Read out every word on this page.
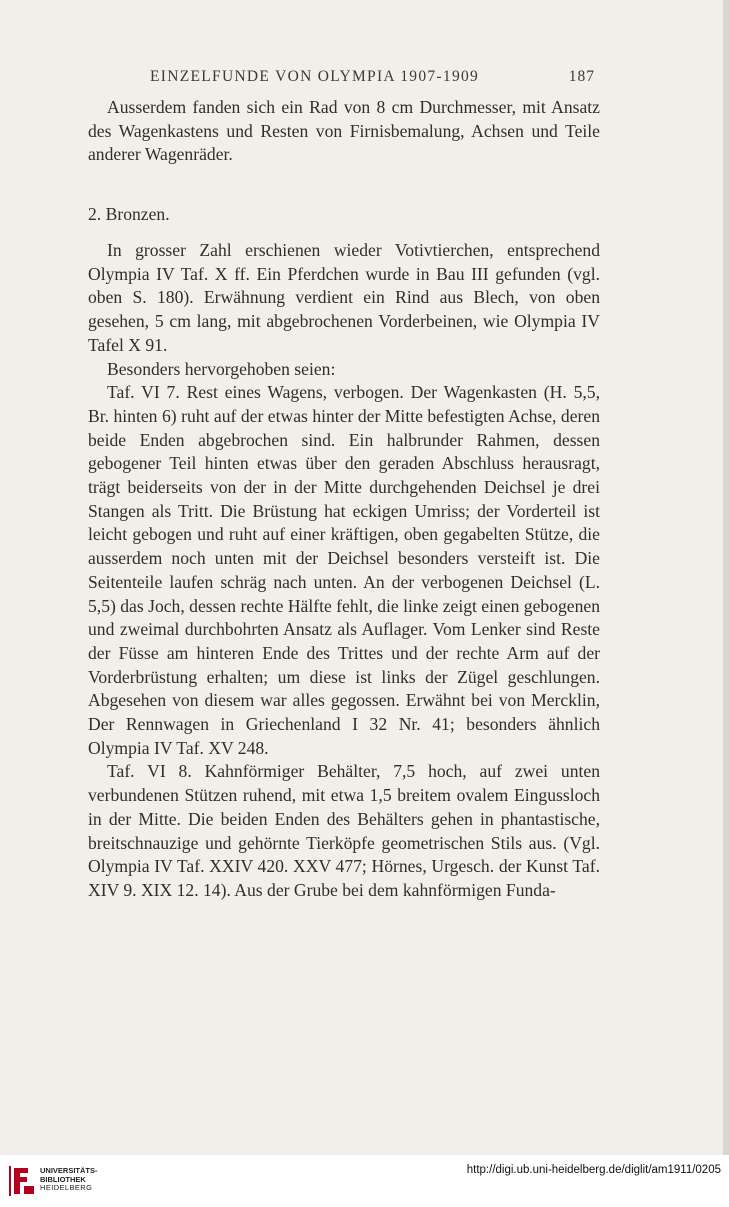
EINZELFUNDE VON OLYMPIA 1907-1909	187

Ausserdem fanden sich ein Rad von 8 cm Durchmesser, mit Ansatz des Wagenkastens und Resten von Firnisbemalung, Achsen und Teile anderer Wagenräder.

2. Bronzen.

In grosser Zahl erschienen wieder Votivtierchen, entsprechend Olympia IV Taf. X ff. Ein Pferdchen wurde in Bau III gefunden (vgl. oben S. 180). Erwähnung verdient ein Rind aus Blech, von oben gesehen, 5 cm lang, mit abgebrochenen Vorderbeinen, wie Olympia IV Tafel X 91.

Besonders hervorgehoben seien:

Taf. VI 7. Rest eines Wagens, verbogen. Der Wagenkasten (H. 5,5, Br. hinten 6) ruht auf der etwas hinter der Mitte befestigten Achse, deren beide Enden abgebrochen sind. Ein halbrunder Rahmen, dessen gebogener Teil hinten etwas über den geraden Abschluss herausragt, trägt beiderseits von der in der Mitte durchgehenden Deichsel je drei Stangen als Tritt. Die Brüstung hat eckigen Umriss; der Vorderteil ist leicht gebogen und ruht auf einer kräftigen, oben gegabelten Stütze, die ausserdem noch unten mit der Deichsel besonders versteift ist. Die Seitenteile laufen schräg nach unten. An der verbogenen Deichsel (L. 5,5) das Joch, dessen rechte Hälfte fehlt, die linke zeigt einen gebogenen und zweimal durchbohrten Ansatz als Auflager. Vom Lenker sind Reste der Füsse am hinteren Ende des Trittes und der rechte Arm auf der Vorderbrüstung erhalten; um diese ist links der Zügel geschlungen. Abgesehen von diesem war alles gegossen. Erwähnt bei von Mercklin, Der Rennwagen in Griechenland I 32 Nr. 41; besonders ähnlich Olympia IV Taf. XV 248.

Taf. VI 8. Kahnförmiger Behälter, 7,5 hoch, auf zwei unten verbundenen Stützen ruhend, mit etwa 1,5 breitem ovalem Eingussloch in der Mitte. Die beiden Enden des Behälters gehen in phantastische, breitschnauzige und gehörnte Tierköpfe geometrischen Stils aus. (Vgl. Olympia IV Taf. XXIV 420. XXV 477; Hörnes, Urgesch. der Kunst Taf. XIV 9. XIX 12. 14). Aus der Grube bei dem kahnförmigen Funda-

UNIVERSITÄTS-
BIBLIOTHEK
HEIDELBERG
http://digi.ub.uni-heidelberg.de/diglit/am1911/0205
